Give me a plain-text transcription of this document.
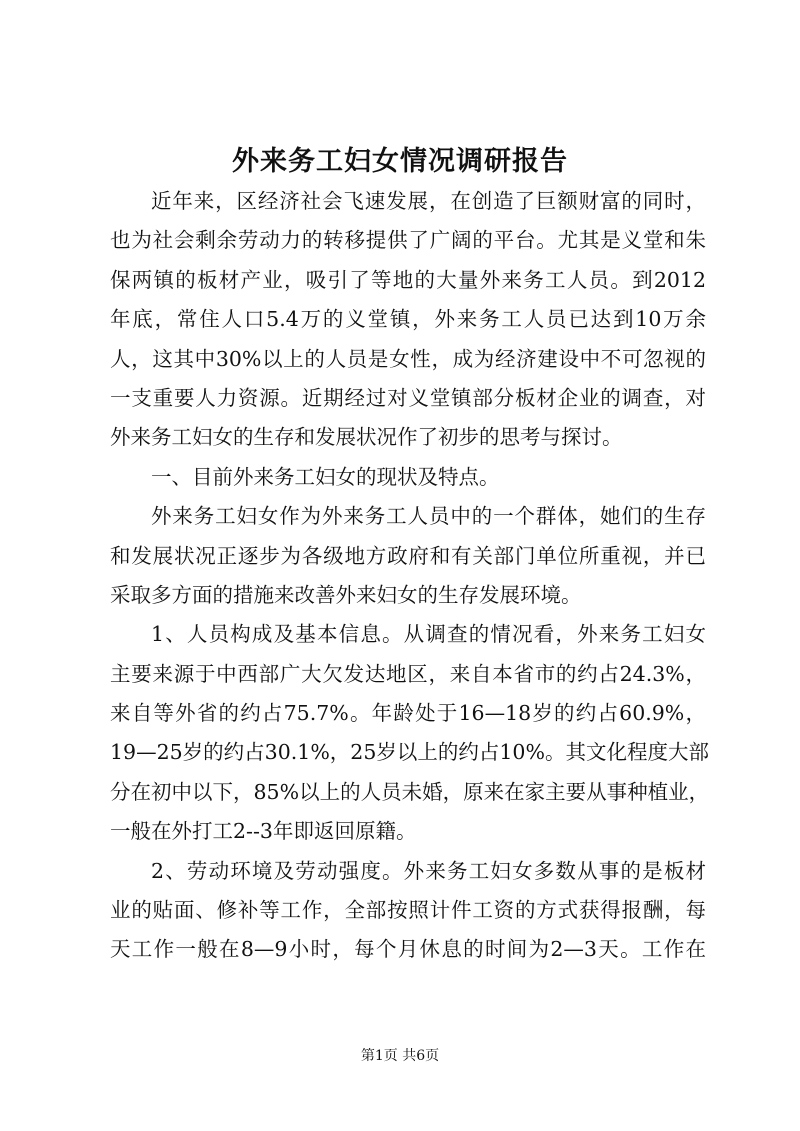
外来务工妇女情况调研报告
近年来，区经济社会飞速发展，在创造了巨额财富的同时，
也为社会剩余劳动力的转移提供了广阔的平台。尤其是义堂和朱
保两镇的板材产业，吸引了等地的大量外来务工人员。到2012
年底，常住人口5.4万的义堂镇，外来务工人员已达到10万余
人，这其中30%以上的人员是女性，成为经济建设中不可忽视的
一支重要人力资源。近期经过对义堂镇部分板材企业的调查，对
外来务工妇女的生存和发展状况作了初步的思考与探讨。
一、目前外来务工妇女的现状及特点。
外来务工妇女作为外来务工人员中的一个群体，她们的生存
和发展状况正逐步为各级地方政府和有关部门单位所重视，并已
采取多方面的措施来改善外来妇女的生存发展环境。
1、人员构成及基本信息。从调查的情况看，外来务工妇女
主要来源于中西部广大欠发达地区，来自本省市的约占24.3%，
来自等外省的约占75.7%。年龄处于16—18岁的约占60.9%，
19—25岁的约占30.1%，25岁以上的约占10%。其文化程度大部
分在初中以下，85%以上的人员未婚，原来在家主要从事种植业，
一般在外打工2--3年即返回原籍。
2、劳动环境及劳动强度。外来务工妇女多数从事的是板材
业的贴面、修补等工作，全部按照计件工资的方式获得报酬，每
天工作一般在8—9小时，每个月休息的时间为2—3天。工作在
第1页 共6页
